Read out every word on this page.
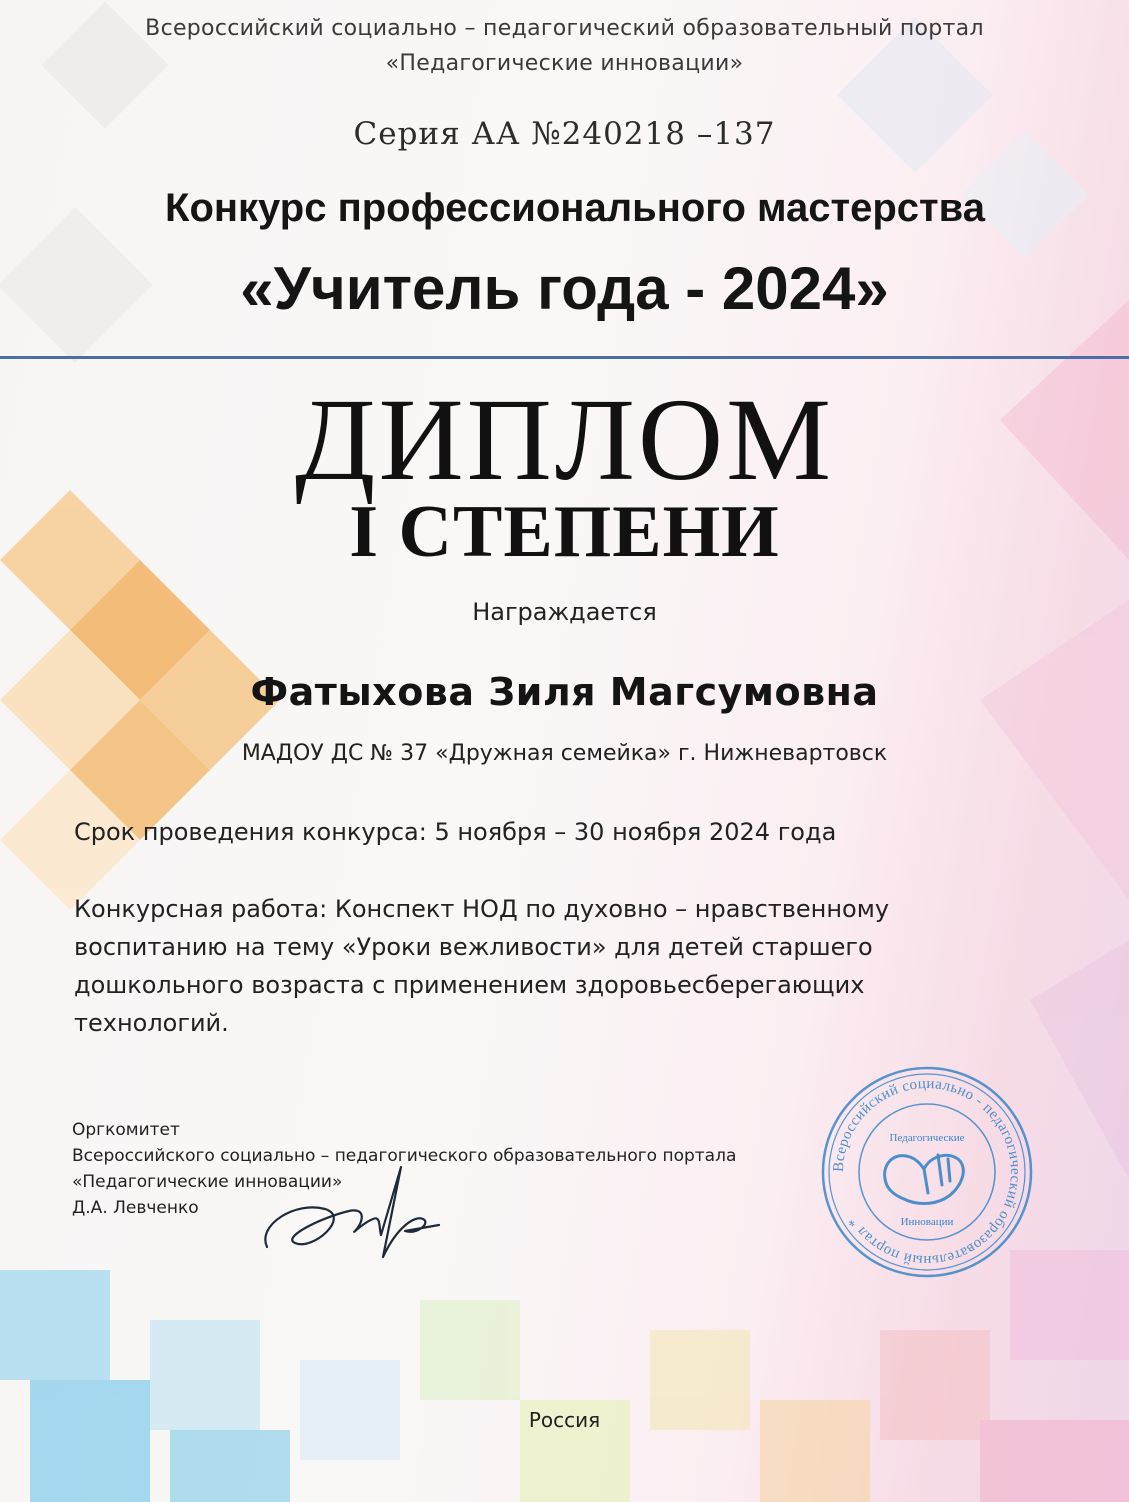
Всероссийский социально – педагогический образовательный портал
«Педагогические инновации»
Серия АА №240218 –137
Конкурс профессионального мастерства
«Учитель года - 2024»
ДИПЛОМ
I СТЕПЕНИ
Награждается
Фатыхова Зиля Магсумовна
МАДОУ ДС № 37 «Дружная семейка» г. Нижневартовск

Срок проведения конкурса: 5 ноября – 30 ноября 2024 года

Конкурсная работа: Конспект НОД по духовно – нравственному воспитанию на тему «Уроки вежливости» для детей старшего дошкольного возраста с применением здоровьесберегающих технологий.

Оргкомитет
Всероссийского социально – педагогического образовательного портала
«Педагогические инновации»
Д.А. Левченко
Всероссийский социально - педагогический образовательный портал *
Педагогические
Инновации
Россия
